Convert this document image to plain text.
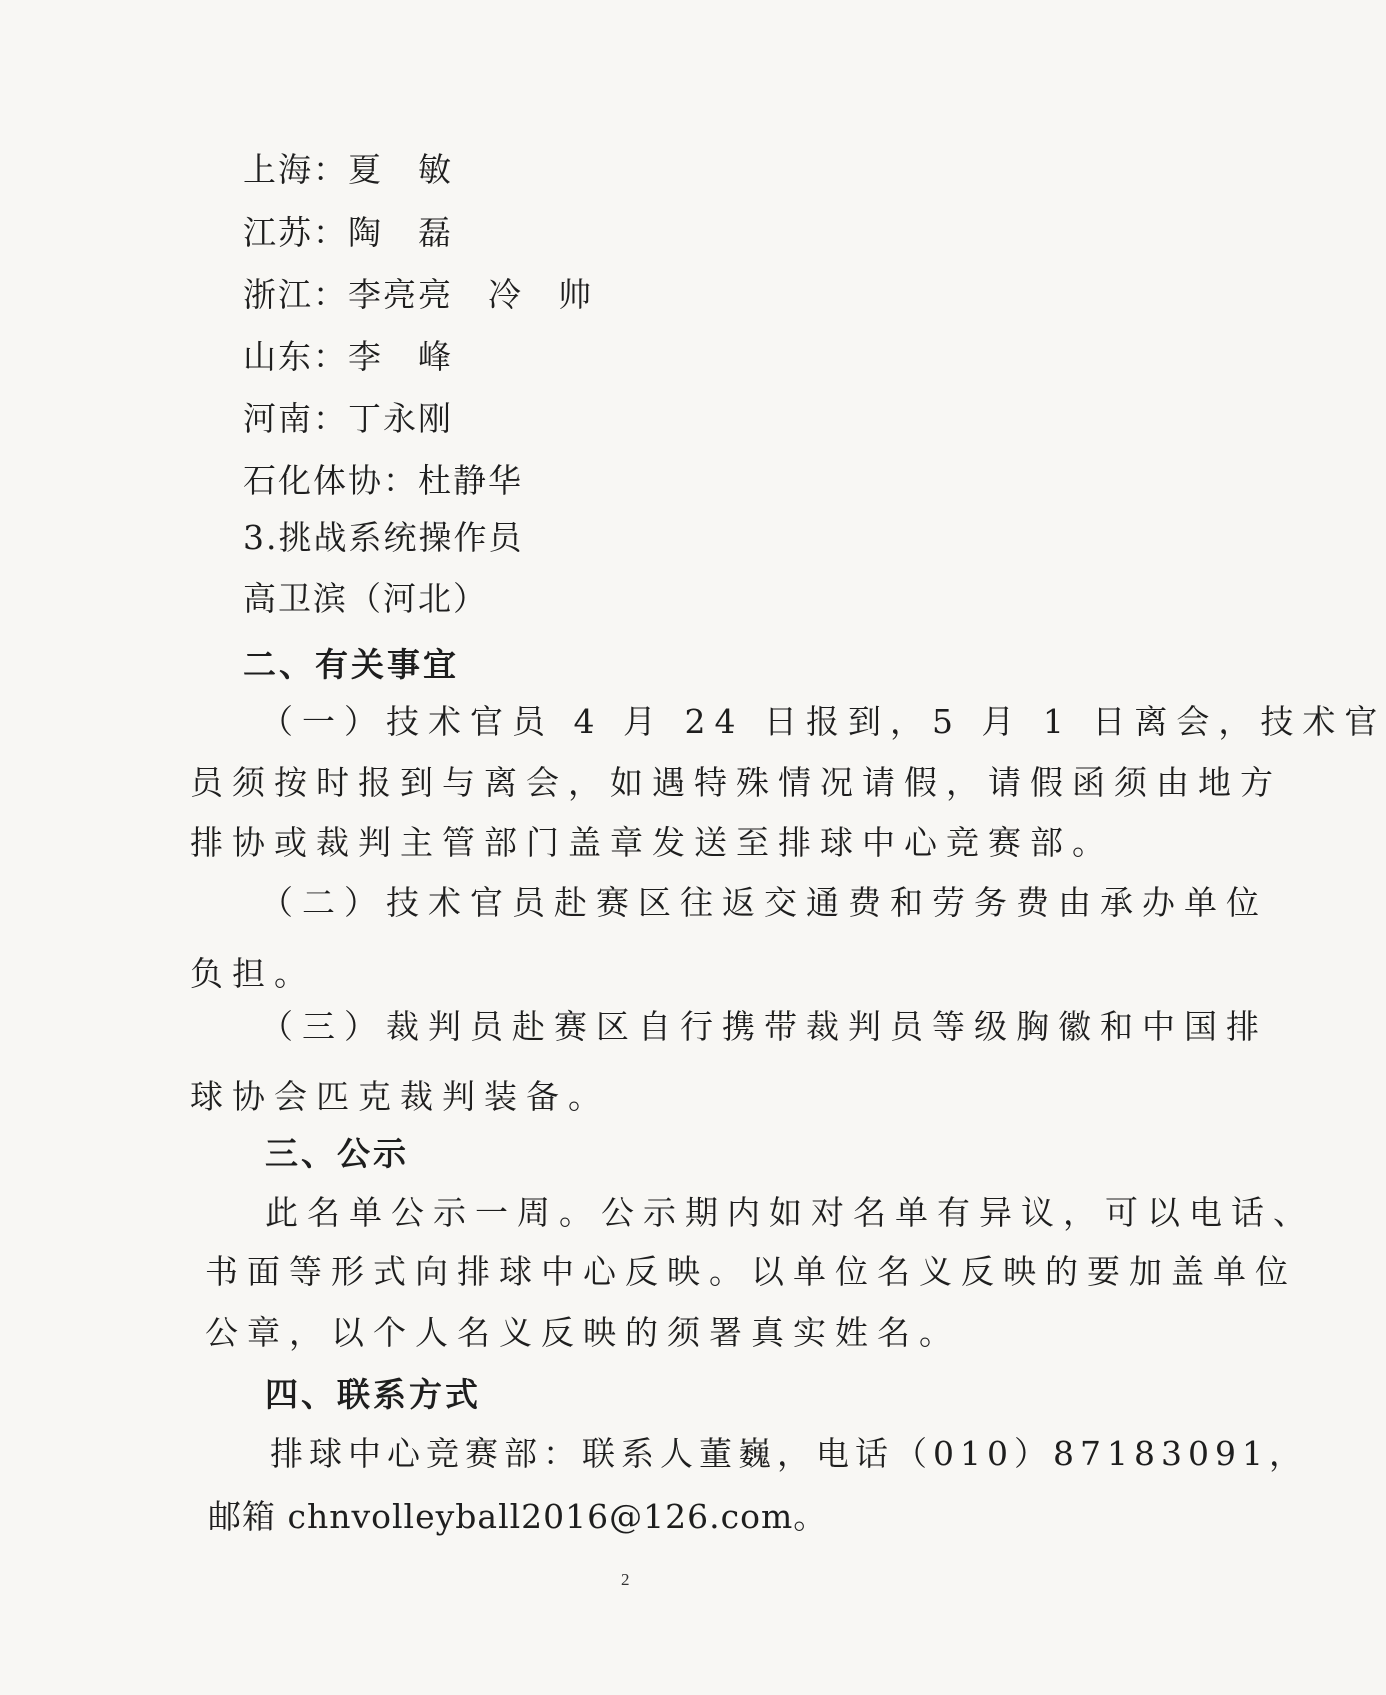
上海：夏　敏
江苏：陶　磊
浙江：李亮亮　冷　帅
山东：李　峰
河南：丁永刚
石化体协：杜静华
3.挑战系统操作员
高卫滨（河北）
二、有关事宜
（一）技术官员 4 月 24 日报到，5 月 1 日离会，技术官
员须按时报到与离会，如遇特殊情况请假，请假函须由地方
排协或裁判主管部门盖章发送至排球中心竞赛部。
（二）技术官员赴赛区往返交通费和劳务费由承办单位
负担。
（三）裁判员赴赛区自行携带裁判员等级胸徽和中国排
球协会匹克裁判装备。
三、公示
此名单公示一周。公示期内如对名单有异议，可以电话、
书面等形式向排球中心反映。以单位名义反映的要加盖单位
公章，以个人名义反映的须署真实姓名。
四、联系方式
排球中心竞赛部：联系人董巍，电话（010）87183091，
邮箱 chnvolleyball2016@126.com。
2
